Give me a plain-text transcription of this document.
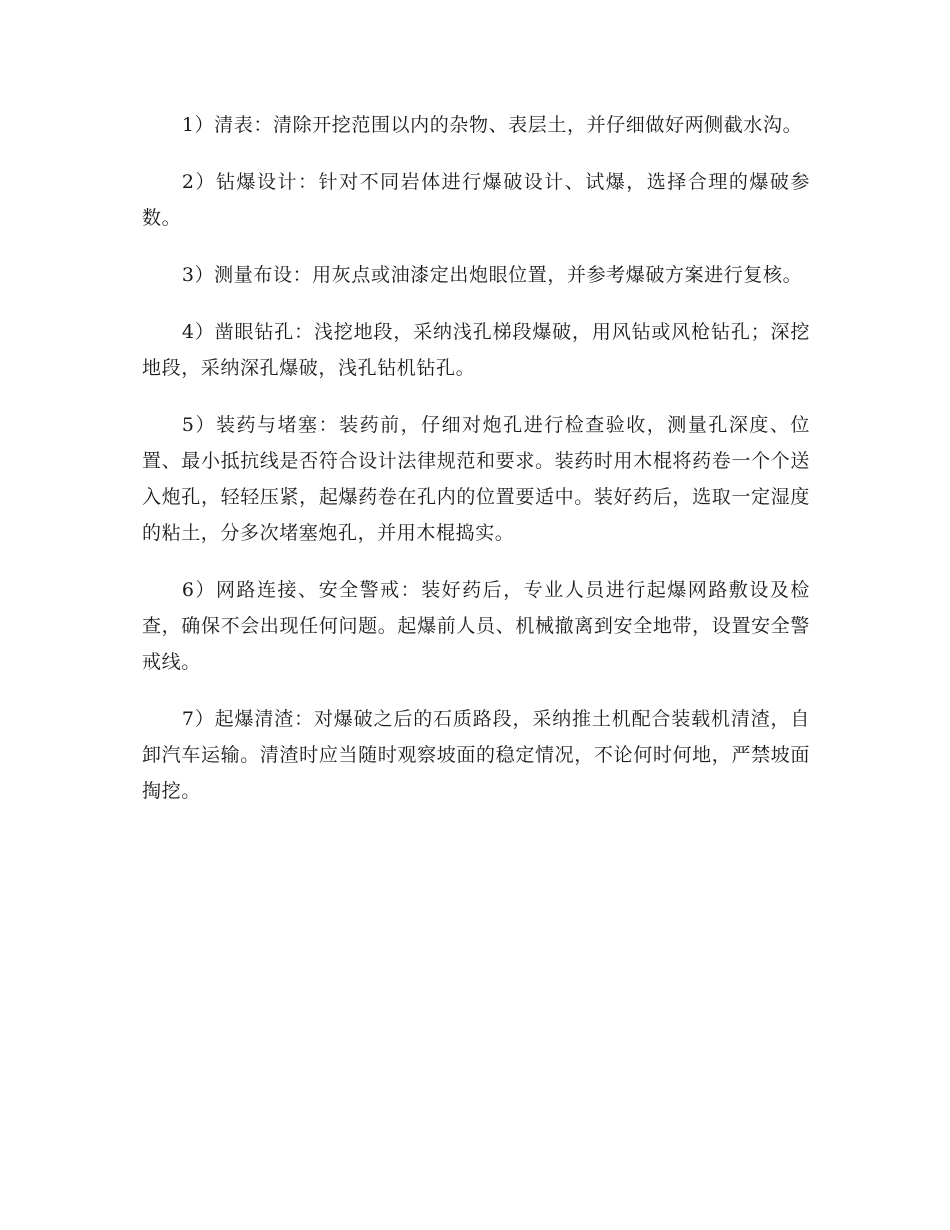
1）清表：清除开挖范围以内的杂物、表层土，并仔细做好两侧截水沟。

2）钻爆设计：针对不同岩体进行爆破设计、试爆，选择合理的爆破参数。

3）测量布设：用灰点或油漆定出炮眼位置，并参考爆破方案进行复核。

4）凿眼钻孔：浅挖地段，采纳浅孔梯段爆破，用风钻或风枪钻孔；深挖地段，采纳深孔爆破，浅孔钻机钻孔。

5）装药与堵塞：装药前，仔细对炮孔进行检查验收，测量孔深度、位置、最小抵抗线是否符合设计法律规范和要求。装药时用木棍将药卷一个个送入炮孔，轻轻压紧，起爆药卷在孔内的位置要适中。装好药后，选取一定湿度的粘土，分多次堵塞炮孔，并用木棍捣实。

6）网路连接、安全警戒：装好药后，专业人员进行起爆网路敷设及检查，确保不会出现任何问题。起爆前人员、机械撤离到安全地带，设置安全警戒线。

7）起爆清渣：对爆破之后的石质路段，采纳推土机配合装载机清渣，自卸汽车运输。清渣时应当随时观察坡面的稳定情况，不论何时何地，严禁坡面掏挖。
